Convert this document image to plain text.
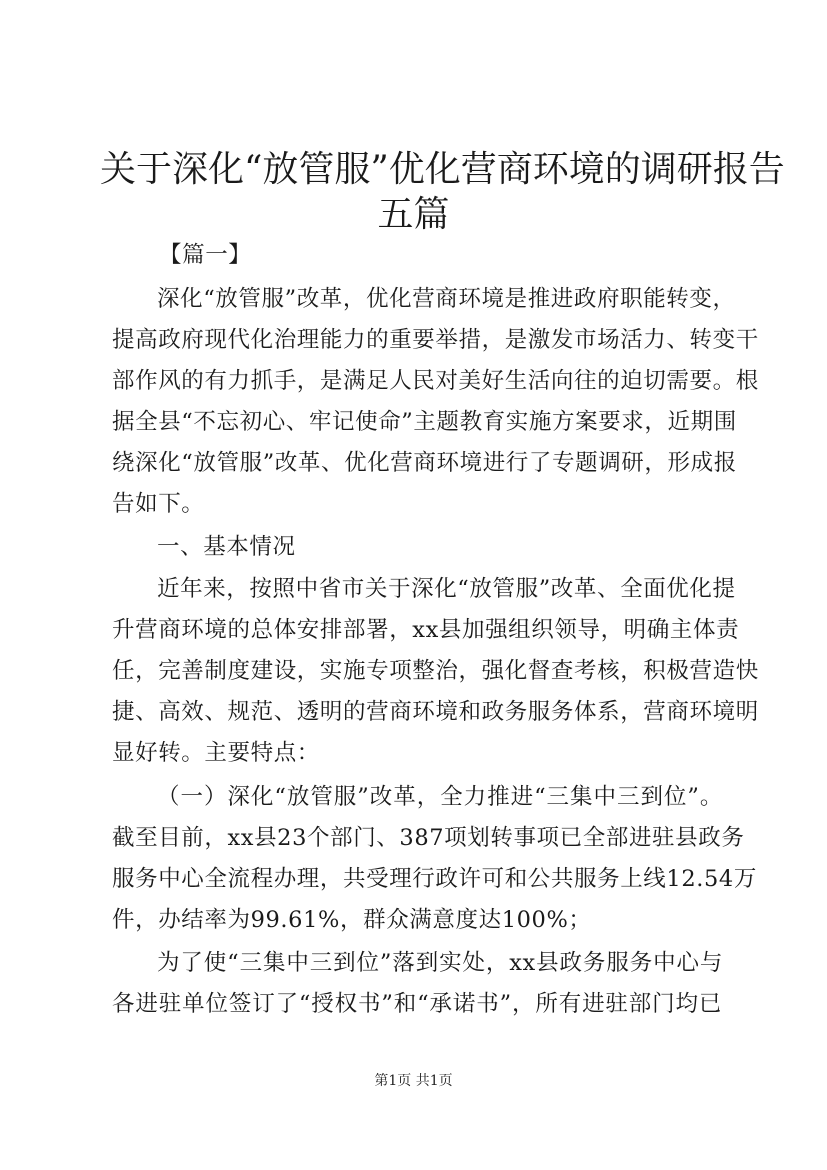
关于深化“放管服”优化营商环境的调研报告
五篇

【篇一】

深化“放管服”改革，优化营商环境是推进政府职能转变，

提高政府现代化治理能力的重要举措，是激发市场活力、转变干

部作风的有力抓手，是满足人民对美好生活向往的迫切需要。根

据全县“不忘初心、牢记使命”主题教育实施方案要求，近期围

绕深化“放管服”改革、优化营商环境进行了专题调研，形成报

告如下。

一、基本情况

近年来，按照中省市关于深化“放管服”改革、全面优化提

升营商环境的总体安排部署，xx县加强组织领导，明确主体责

任，完善制度建设，实施专项整治，强化督查考核，积极营造快

捷、高效、规范、透明的营商环境和政务服务体系，营商环境明

显好转。主要特点：

（一）深化“放管服”改革，全力推进“三集中三到位”。

截至目前，xx县23个部门、387项划转事项已全部进驻县政务

服务中心全流程办理，共受理行政许可和公共服务上线12.54万

件，办结率为99.61%，群众满意度达100%；

为了使“三集中三到位”落到实处，xx县政务服务中心与

各进驻单位签订了“授权书”和“承诺书”，所有进驻部门均已

第1页 共1页
